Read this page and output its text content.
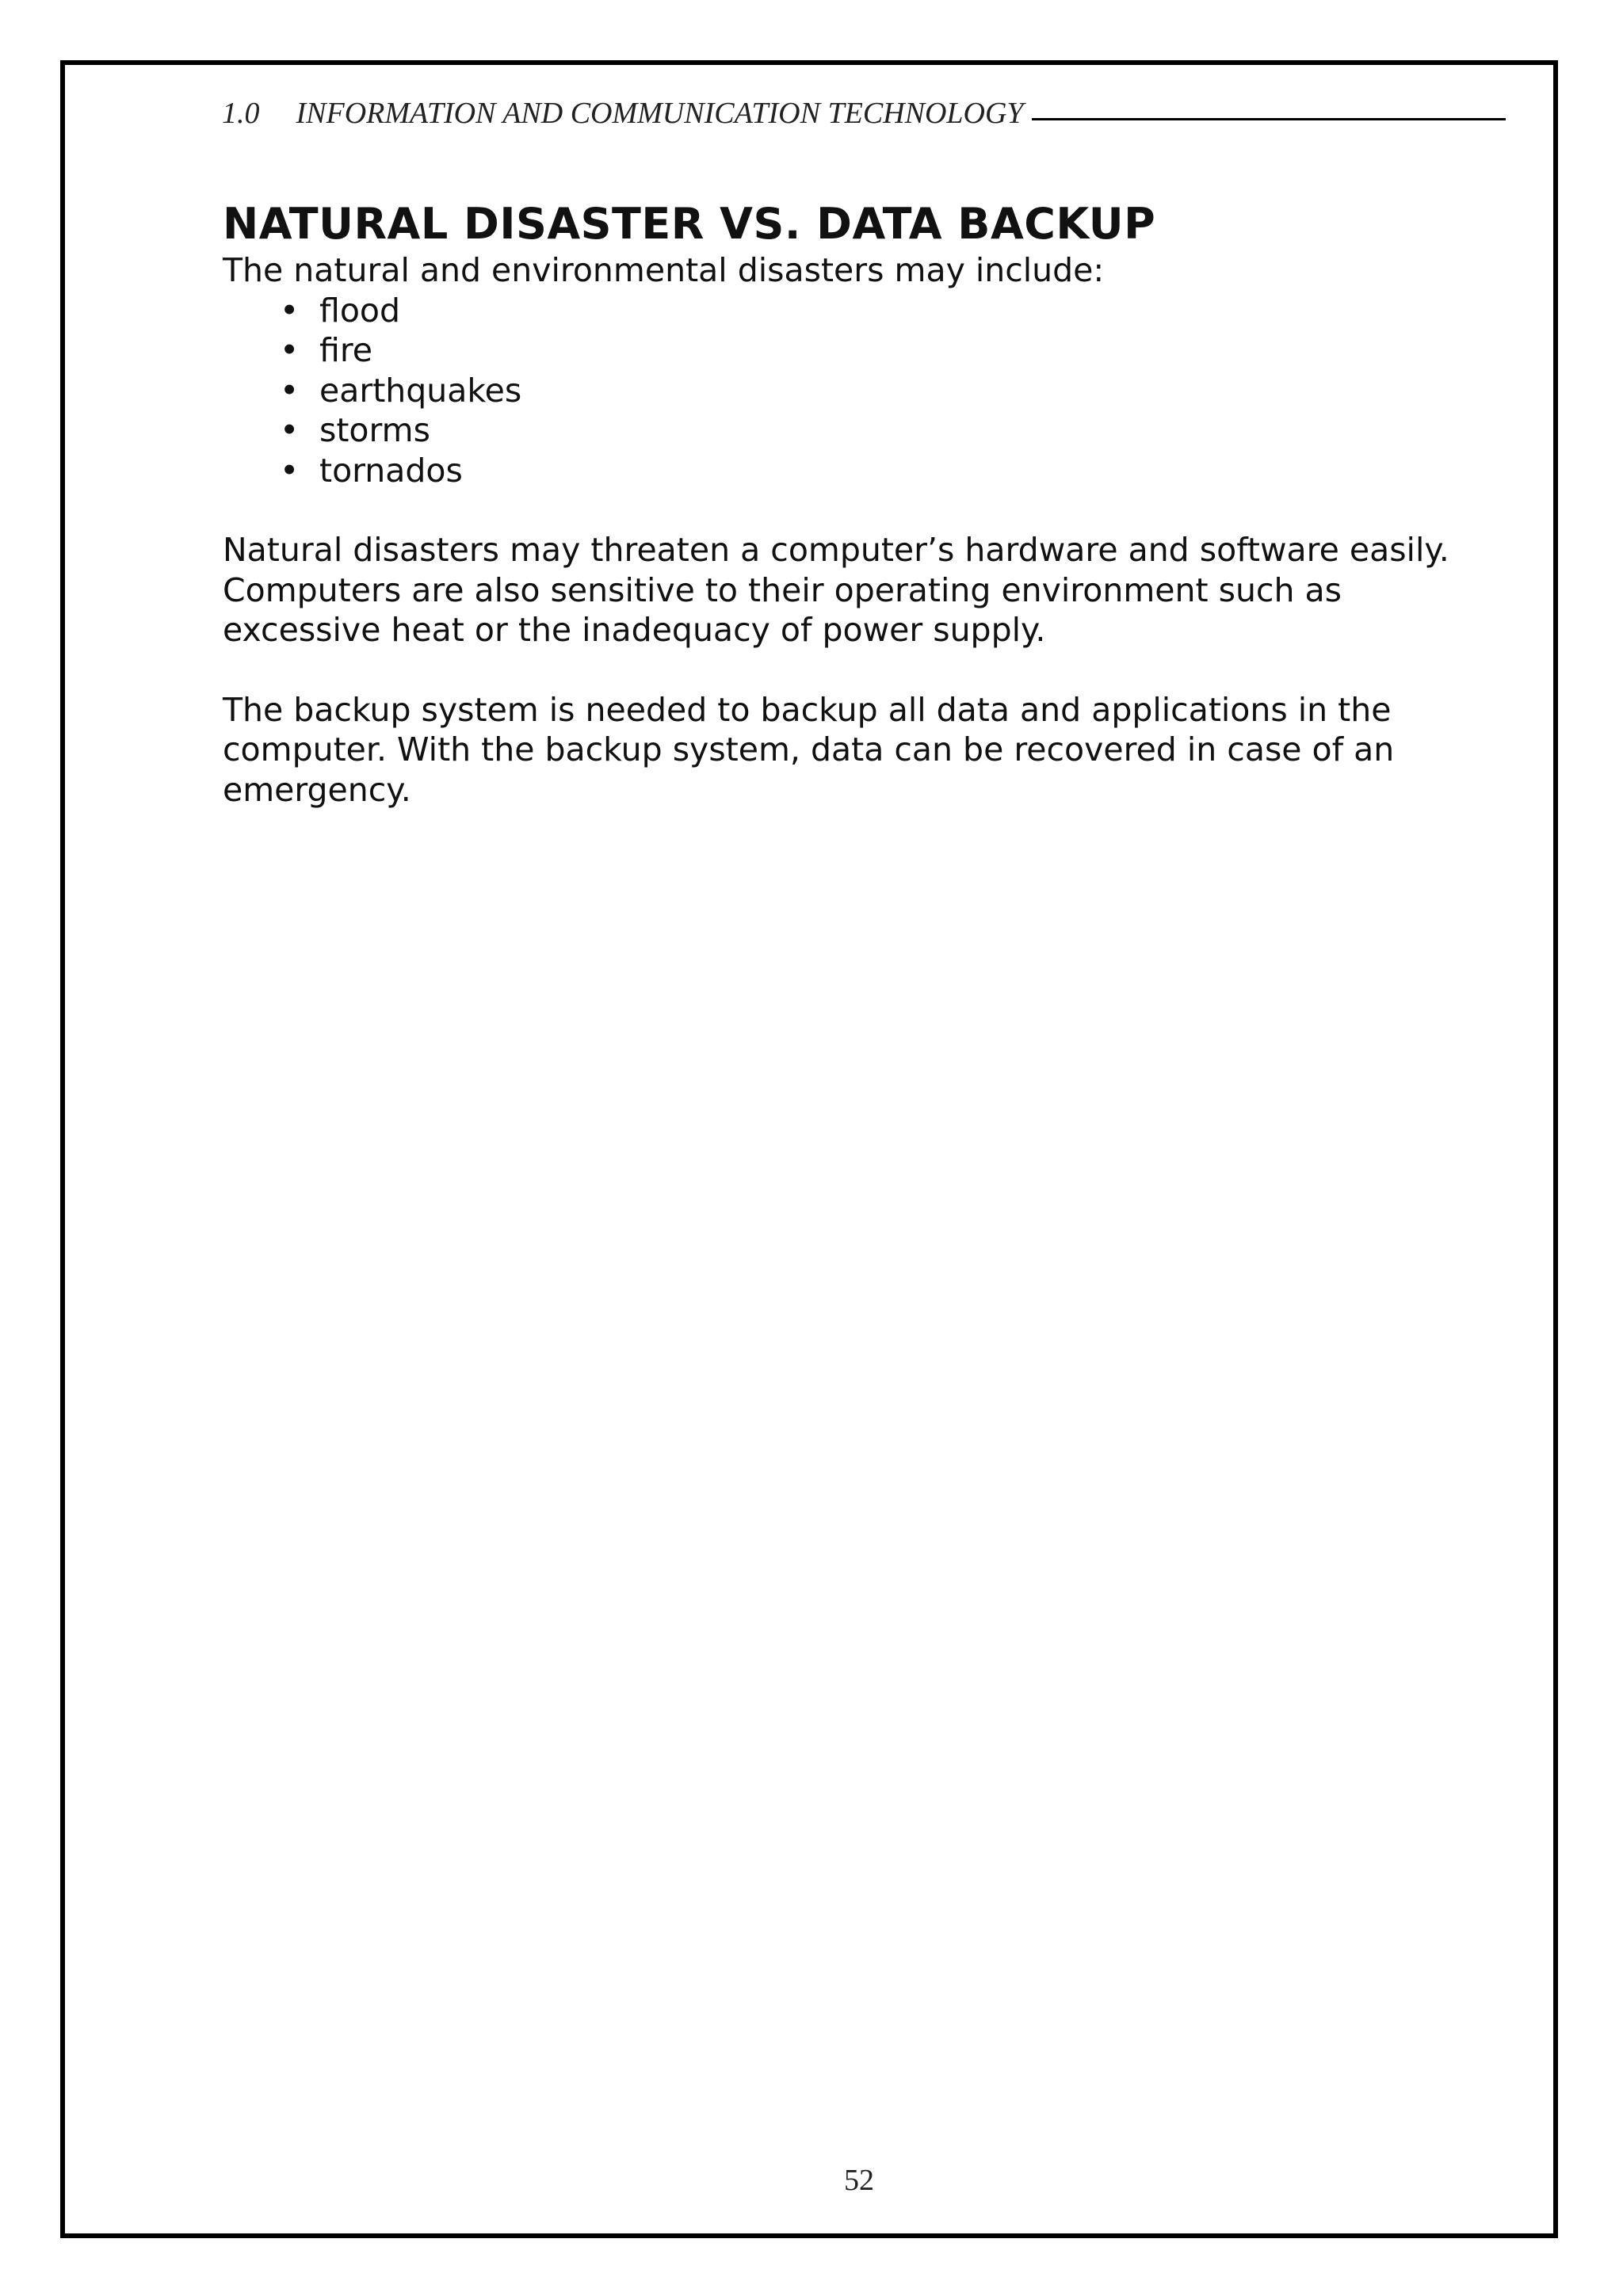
1.0 INFORMATION AND COMMUNICATION TECHNOLOGY
NATURAL DISASTER VS. DATA BACKUP

The natural and environmental disasters may include:

• flood
• fire
• earthquakes
• storms
• tornados

Natural disasters may threaten a computer’s hardware and software easily. Computers are also sensitive to their operating environment such as excessive heat or the inadequacy of power supply.

The backup system is needed to backup all data and applications in the computer. With the backup system, data can be recovered in case of an emergency.

52
